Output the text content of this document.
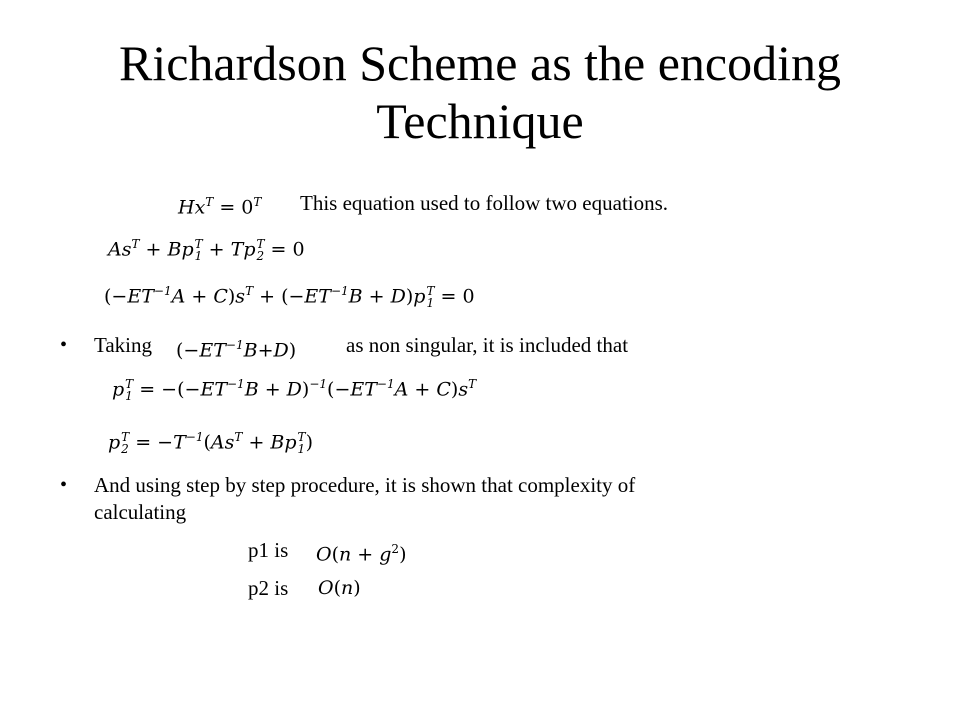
Richardson Scheme as the encoding
Technique
$Hx^T = 0^T$ This equation used to follow two equations.
$As^T + Bp$ T
1 + Tp T
2 = 0
$(-ET^{-1}A + C)s^T + (-ET^{-1}B + D)p$ T
1 = 0
• Taking $(-ET^{-1}B+D)$ as non singular, it is included that
p T
$1 = -(-ET^{-1}B + D)^{-1}(-ET^{-1}A + C)s^T$
p T
$2 = -T^{-1}(As^T + Bp$ T
1 )
• And using step by step procedure, it is shown that complexity of
calculating
p1 is $O(n + g^2)$
p2 is O(n)
